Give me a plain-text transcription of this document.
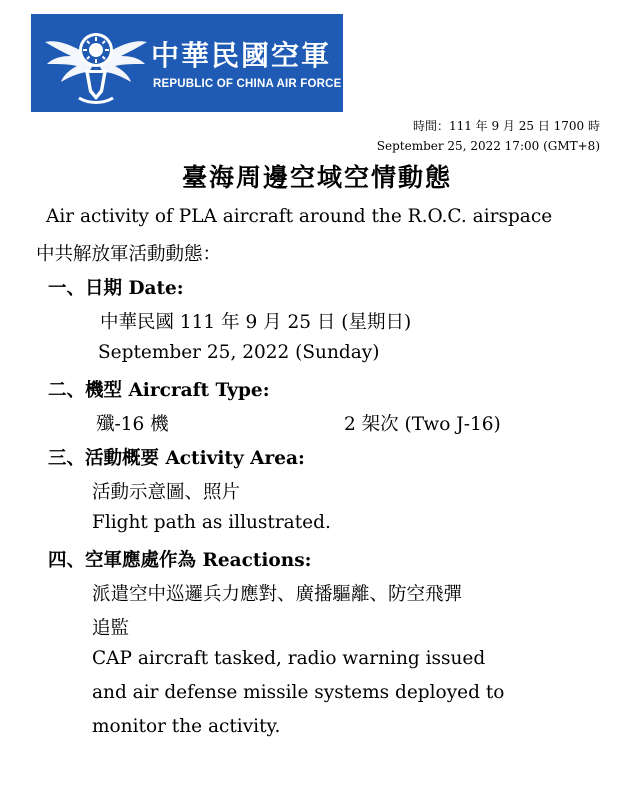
中華民國空軍
REPUBLIC OF CHINA AIR FORCE
時間：111 年 9 月 25 日 1700 時
September 25, 2022 17:00 (GMT+8)
臺海周邊空域空情動態
Air activity of PLA aircraft around the R.O.C. airspace
中共解放軍活動動態：
一、日期 Date:
中華民國 111 年 9 月 25 日 (星期日)
September 25, 2022 (Sunday)
二、機型 Aircraft Type:
殲-16 機	2 架次 (Two J-16)
三、活動概要 Activity Area:
活動示意圖、照片
Flight path as illustrated.
四、空軍應處作為 Reactions:
派遣空中巡邏兵力應對、廣播驅離、防空飛彈
追監
CAP aircraft tasked, radio warning issued
and air defense missile systems deployed to
monitor the activity.
